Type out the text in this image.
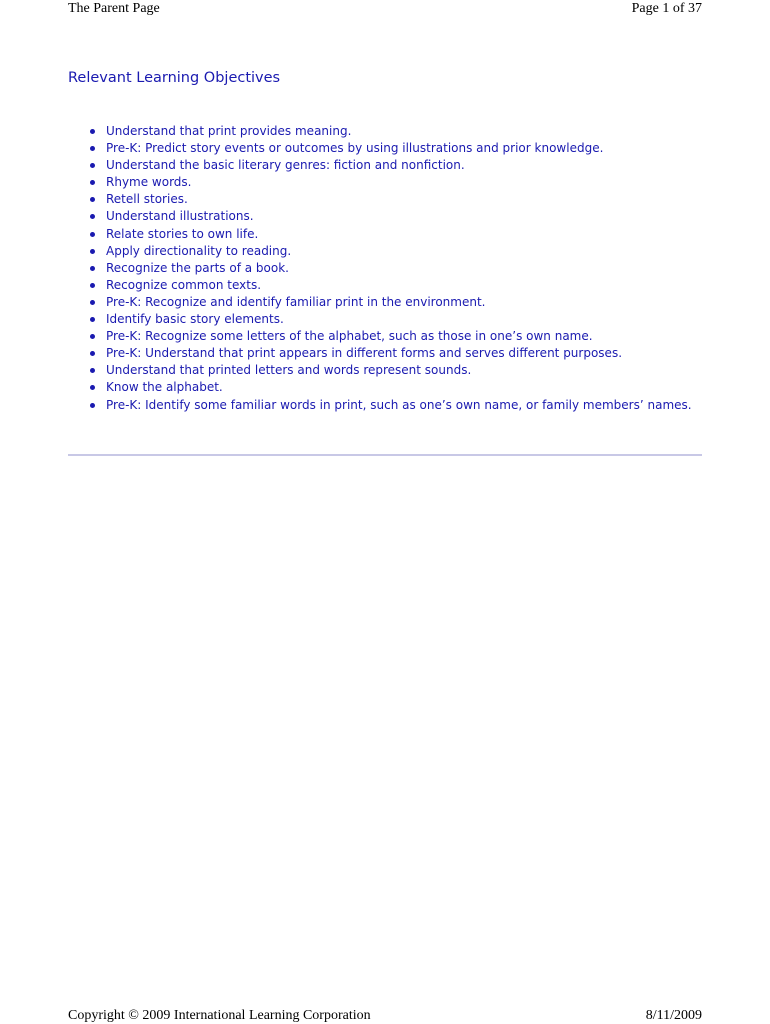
The Parent Page	Page 1 of 37
Relevant Learning Objectives
Understand that print provides meaning.
Pre-K: Predict story events or outcomes by using illustrations and prior knowledge.
Understand the basic literary genres: fiction and nonfiction.
Rhyme words.
Retell stories.
Understand illustrations.
Relate stories to own life.
Apply directionality to reading.
Recognize the parts of a book.
Recognize common texts.
Pre-K: Recognize and identify familiar print in the environment.
Identify basic story elements.
Pre-K: Recognize some letters of the alphabet, such as those in one’s own name.
Pre-K: Understand that print appears in different forms and serves different purposes.
Understand that printed letters and words represent sounds.
Know the alphabet.
Pre-K: Identify some familiar words in print, such as one’s own name, or family members’ names.
Copyright © 2009 International Learning Corporation	8/11/2009
